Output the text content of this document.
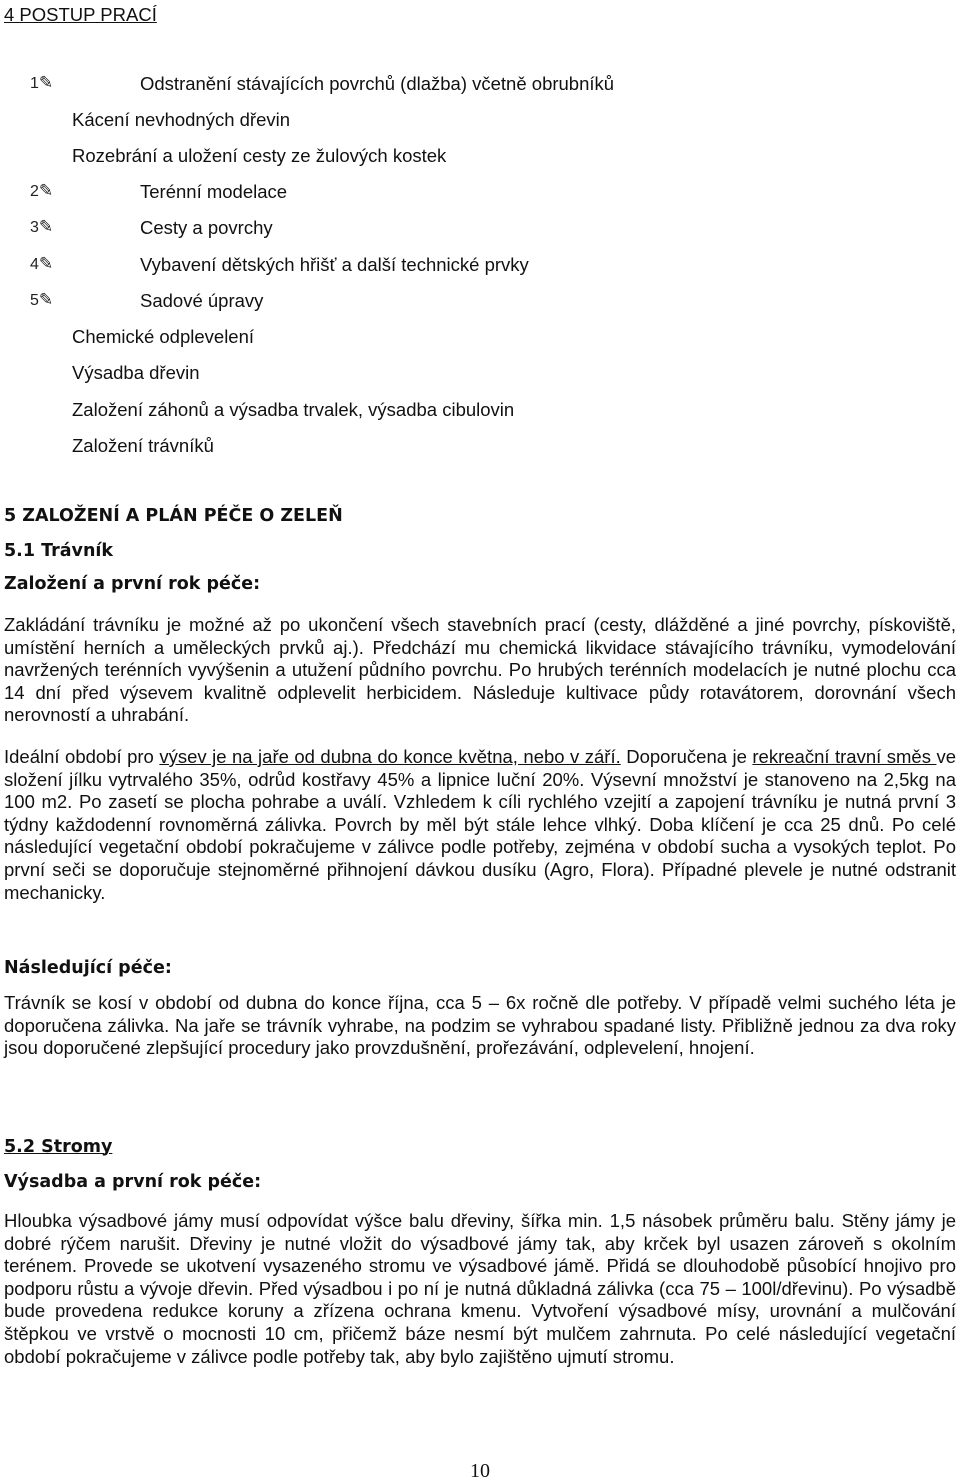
4 POSTUP PRACÍ
1✎	Odstranění stávajících povrchů (dlažba) včetně obrubníků
Kácení nevhodných dřevin
Rozebrání a uložení cesty ze žulových kostek
2✎	Terénní modelace
3✎	Cesty a povrchy
4✎	Vybavení dětských hřišť a další technické prvky
5✎	Sadové úpravy
Chemické odplevelení
Výsadba dřevin
Založení záhonů a výsadba trvalek, výsadba cibulovin
Založení trávníků
5 ZALOŽENÍ A PLÁN PÉČE O ZELEŇ
5.1 Trávník
Založení a první rok péče:
Zakládání trávníku je možné až po ukončení všech stavebních prací (cesty, dlážděné a jiné povrchy, pískoviště, umístění herních a uměleckých prvků aj.). Předchází mu chemická likvidace stávajícího trávníku, vymodelování navržených terénních vyvýšenin a utužení půdního povrchu. Po hrubých terénních modelacích je nutné plochu cca 14 dní před výsevem kvalitně odplevelit herbicidem. Následuje kultivace půdy rotavátorem, dorovnání všech nerovností a uhrabání.
Ideální období pro výsev je na jaře od dubna do konce května, nebo v září. Doporučena je rekreační travní směs ve složení jílku vytrvalého 35%, odrůd kostřavy 45% a lipnice luční 20%. Výsevní množství je stanoveno na 2,5kg na 100 m2. Po zasetí se plocha pohrabe a uválí. Vzhledem k cíli rychlého vzejití a zapojení trávníku je nutná první 3 týdny každodenní rovnoměrná zálivka. Povrch by měl být stále lehce vlhký. Doba klíčení je cca 25 dnů. Po celé následující vegetační období pokračujeme v zálivce podle potřeby, zejména v období sucha a vysokých teplot. Po první seči se doporučuje stejnoměrné přihnojení dávkou dusíku (Agro, Flora). Případné plevele je nutné odstranit mechanicky.
Následující péče:
Trávník se kosí v období od dubna do konce října, cca 5 – 6x ročně dle potřeby. V případě velmi suchého léta je doporučena zálivka. Na jaře se trávník vyhrabe, na podzim se vyhrabou spadané listy. Přibližně jednou za dva roky jsou doporučené zlepšující procedury jako provzdušnění, prořezávání, odplevelení, hnojení.
5.2 Stromy
Výsadba a první rok péče:
Hloubka výsadbové jámy musí odpovídat výšce balu dřeviny, šířka min. 1,5 násobek průměru balu. Stěny jámy je dobré rýčem narušit. Dřeviny je nutné vložit do výsadbové jámy tak, aby krček byl usazen zároveň s okolním terénem. Provede se ukotvení vysazeného stromu ve výsadbové jámě. Přidá se dlouhodobě působící hnojivo pro podporu růstu a vývoje dřevin. Před výsadbou i po ní je nutná důkladná zálivka (cca 75 – 100l/dřevinu). Po výsadbě bude provedena redukce koruny a zřízena ochrana kmenu. Vytvoření výsadbové mísy, urovnání a mulčování štěpkou ve vrstvě o mocnosti 10 cm, přičemž báze nesmí být mulčem zahrnuta. Po celé následující vegetační období pokračujeme v zálivce podle potřeby tak, aby bylo zajištěno ujmutí stromu.
10
